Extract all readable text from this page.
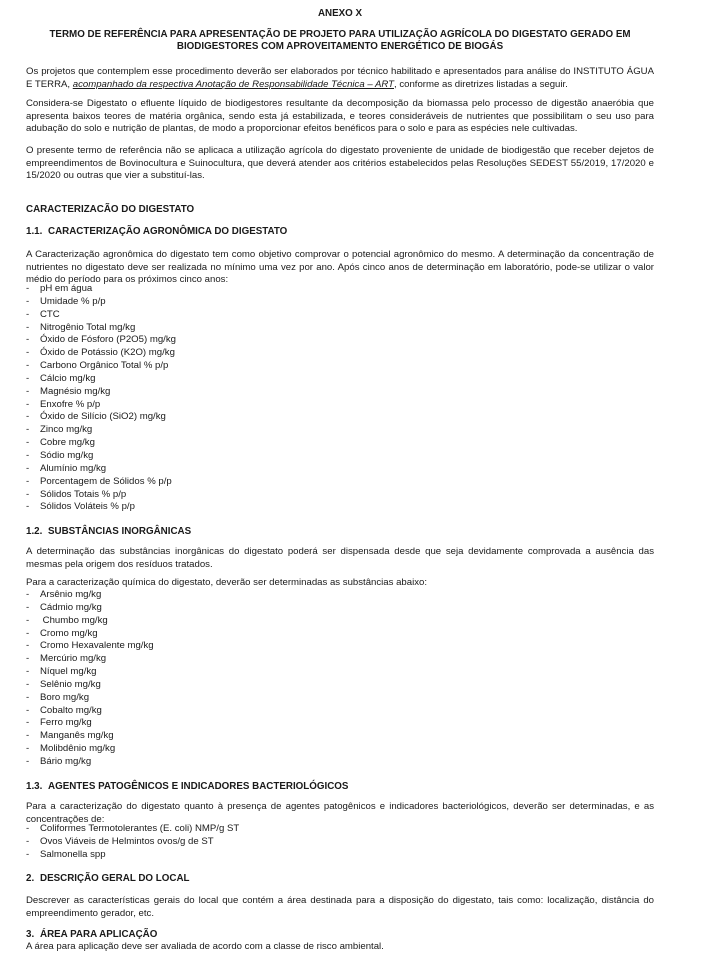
ANEXO X
TERMO DE REFERÊNCIA PARA APRESENTAÇÃO DE PROJETO PARA UTILIZAÇÃO AGRÍCOLA DO DIGESTATO GERADO EM
BIODIGESTORES COM APROVEITAMENTO ENERGÉTICO DE BIOGÁS

Os projetos que contemplem esse procedimento deverão ser elaborados por técnico habilitado e apresentados para análise do INSTITUTO ÁGUA E TERRA, acompanhado da respectiva Anotação de Responsabilidade Técnica – ART, conforme as diretrizes listadas a seguir.

Considera-se Digestato o efluente líquido de biodigestores resultante da decomposição da biomassa pelo processo de digestão anaeróbia que apresenta baixos teores de matéria orgânica, sendo esta já estabilizada, e teores consideráveis de nutrientes que possibilitam o seu uso para adubação do solo e nutrição de plantas, de modo a proporcionar efeitos benéficos para o solo e para as espécies nele cultivadas.

O presente termo de referência não se aplicaca a utilização agrícola do digestato proveniente de unidade de biodigestão que receber dejetos de empreendimentos de Bovinocultura e Suinocultura, que deverá atender aos critérios estabelecidos pelas Resoluções SEDEST 55/2019, 17/2020 e 15/2020 ou outras que vier a substituí-las.

CARACTERIZACÃO DO DIGESTATO
1.1. CARACTERIZAÇÃO AGRONÔMICA DO DIGESTATO

A Caracterização agronômica do digestato tem como objetivo comprovar o potencial agronômico do mesmo. A determinação da concentração de nutrientes no digestato deve ser realizada no mínimo uma vez por ano. Após cinco anos de determinação em laboratório, pode-se utilizar o valor médio do período para os próximos cinco anos:

- pH em água
- Umidade % p/p
- CTC
- Nitrogênio Total mg/kg
- Óxido de Fósforo (P2O5) mg/kg
- Óxido de Potássio (K2O) mg/kg
- Carbono Orgânico Total % p/p
- Cálcio mg/kg
- Magnésio mg/kg
- Enxofre % p/p
- Óxido de Silício (SiO2) mg/kg
- Zinco mg/kg
- Cobre mg/kg
- Sódio mg/kg
- Alumínio mg/kg
- Porcentagem de Sólidos % p/p
- Sólidos Totais % p/p
- Sólidos Voláteis % p/p
1.2. SUBSTÂNCIAS INORGÂNICAS

A determinação das substâncias inorgânicas do digestato poderá ser dispensada desde que seja devidamente comprovada a ausência das mesmas pela origem dos resíduos tratados.

Para a caracterização química do digestato, deverão ser determinadas as substâncias abaixo:

- Arsênio mg/kg
- Cádmio mg/kg
- Chumbo mg/kg
- Cromo mg/kg
- Cromo Hexavalente mg/kg
- Mercúrio mg/kg
- Níquel mg/kg
- Selênio mg/kg
- Boro mg/kg
- Cobalto mg/kg
- Ferro mg/kg
- Manganês mg/kg
- Molibdênio mg/kg
- Bário mg/kg
1.3. AGENTES PATOGÊNICOS E INDICADORES BACTERIOLÓGICOS

Para a caracterização do digestato quanto à presença de agentes patogênicos e indicadores bacteriológicos, deverão ser determinadas, e as concentrações de:

- Coliformes Termotolerantes (E. coli) NMP/g ST
- Ovos Viáveis de Helmintos ovos/g de ST
- Salmonella spp
2. DESCRIÇÃO GERAL DO LOCAL

Descrever as características gerais do local que contém a área destinada para a disposição do digestato, tais como: localização, distância do empreendimento gerador, etc.

3. ÁREA PARA APLICAÇÃO

A área para aplicação deve ser avaliada de acordo com a classe de risco ambiental.
